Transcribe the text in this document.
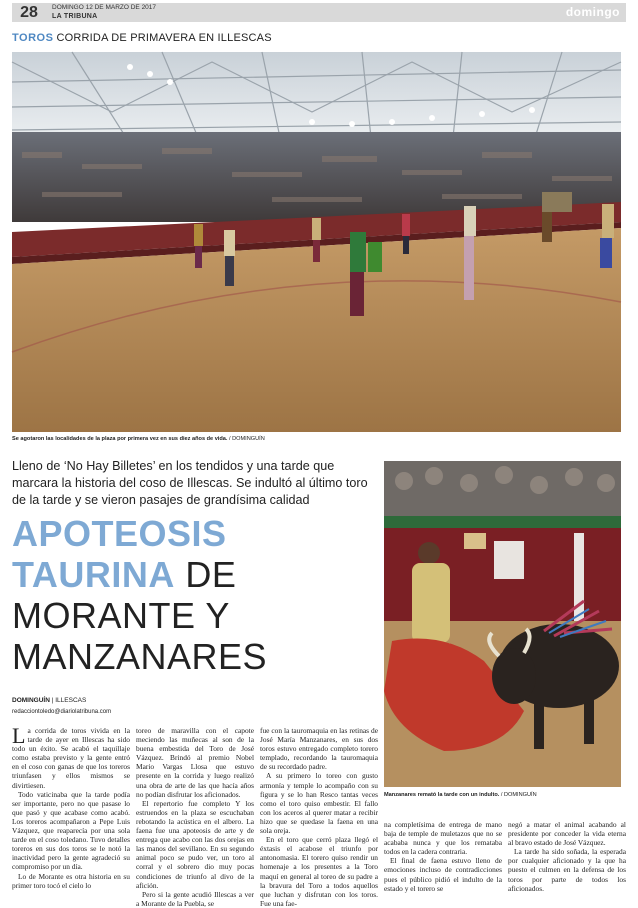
28	DOMINGO 12 DE MARZO DE 2017
LA TRIBUNA	domingo
TOROS CORRIDA DE PRIMAVERA EN ILLESCAS
Se agotaron las localidades de la plaza por primera vez en sus diez años de vida. / DOMINGUÍN
Lleno de ‘No Hay Billetes’ en los tendidos y una tarde que marcara la historia del coso de Illescas. Se indultó al último toro de la tarde y se vieron pasajes de grandísima calidad
APOTEOSIS
TAURINA DE
MORANTE Y
MANZANARES
Manzanares remató la tarde con un indulto. / DOMINGUÍN
DOMINGUÍN | ILLESCAS
redacciontoledo@diariolatribuna.com

La corrida de toros vivida en la tarde de ayer en Illescas ha sido todo un éxito. Se acabó el taquillaje como estaba previsto y la gente entró en el coso con ganas de que los toreros triunfasen y ellos mismos se divirtiesen.

Todo vaticinaba que la tarde podía ser importante, pero no que pasase lo que pasó y que acabase como acabó. Los toreros acompañaron a Pepe Luis Vázquez, que reaparecía por una sola tarde en el coso toledano. Tuvo detalles toreros en sus dos toros se le notó la inactividad pero la gente agradeció su compromiso por un día.

Lo de Morante es otra historia en su primer toro tocó el cielo lo

toreo de maravilla con el capote meciendo las muñecas al son de la buena embestida del Toro de José Vázquez. Brindó al premio Nobel Mario Vargas Llosa que estuvo presente en la corrida y luego realizó una obra de arte de las que hacía años no podían disfrutar los aficionados.

El repertorio fue completo Y los estruendos en la plaza se escuchaban rebotando la acústica en el albero. La faena fue una apoteosis de arte y de entrega que acabo con las dos orejas en las manos del sevillano. En su segundo animal poco se pudo ver, un toro al corral y el sobrero dio muy pocas condiciones de triunfo al divo de la afición.

Pero si la gente acudió Illescas a ver a Morante de la Puebla, se

fue con la tauromaquia en las retinas de José María Manzanares, en sus dos toros estuvo entregado completo torero templado, recordando la tauromaquia de su recordado padre.

A su primero lo toreo con gusto armonía y temple lo acompaño con su figura y se lo han Resco tantas veces como el toro quiso embestir. El fallo con los aceros al querer matar a recibir hizo que se quedase la faena en una sola oreja.

En el toro que cerró plaza llegó el éxtasis el acabose el triunfo por antonomasia. El torero quiso rendir un homenaje a los presentes a la Toro maquí en general al toreo de su padre a la bravura del Toro a todos aquellos que luchan y disfrutan con los toros. Fue una fae-

na completísima de entrega de mano baja de temple de muletazos que no se acababa nunca y que los remataba todos en la cadera contraria.

El final de faena estuvo lleno de emociones incluso de contradicciones pues el público pidió el indulto de la estado y el torero se

negó a matar el animal acabando al presidente por conceder la vida eterna al bravo estado de José Vázquez.

La tarde ha sido soñada, la esperada por cualquier aficionado y la que ha puesto el culmen en la defensa de los toros por parte de todos los aficionados.
